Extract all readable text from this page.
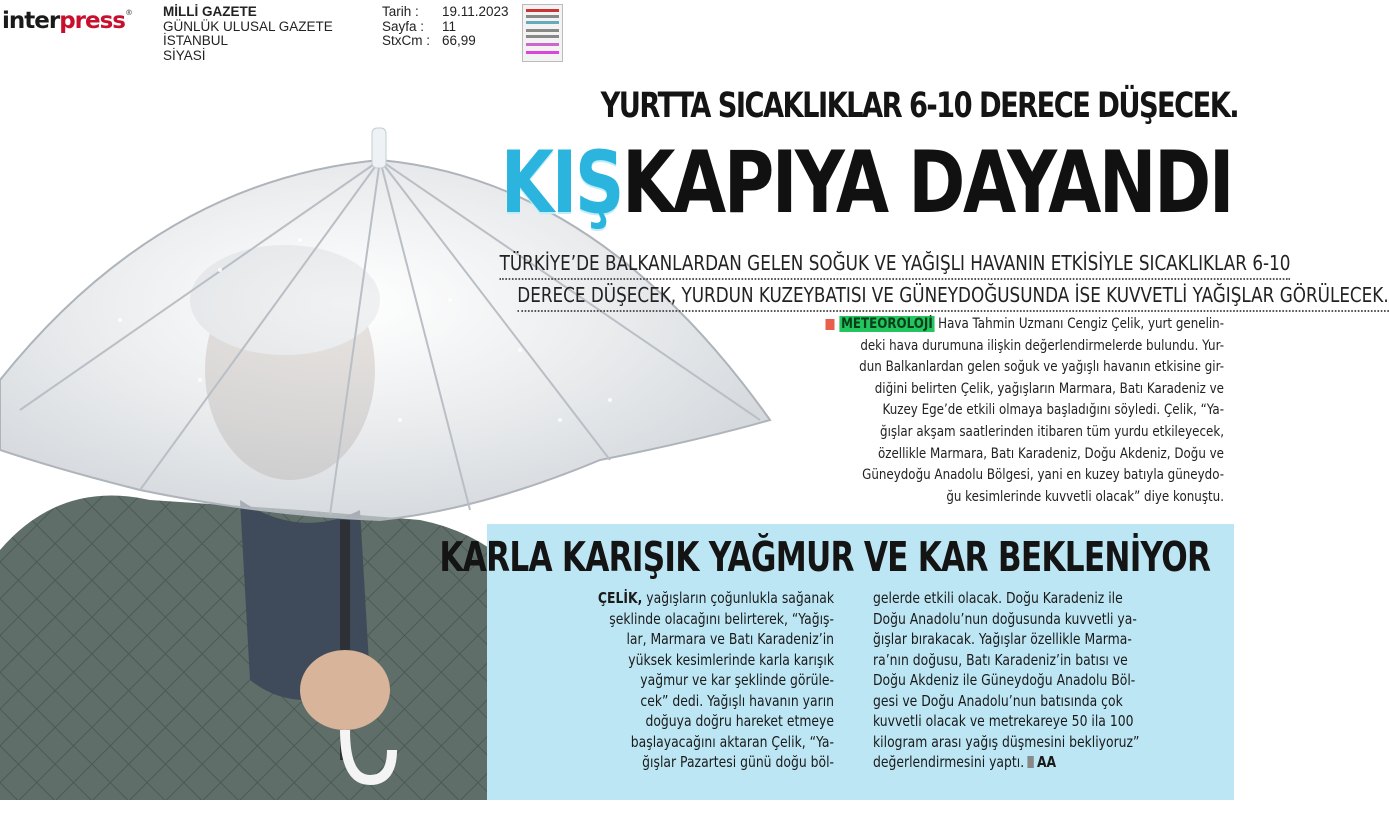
interpress® MİLLİ GAZETE
GÜNLÜK ULUSAL GAZETE
İSTANBUL
SİYASİ
Tarih :	19.11.2023
Sayfa :	11
StxCm : 66,99
YURTTA SICAKLIKLAR 6-10 DERECE DÜŞECEK.
KIŞKAPIYA DAYANDI
TÜRKİYE’DE BALKANLARDAN GELEN SOĞUK VE YAĞIŞLI HAVANIN ETKİSİYLE SICAKLIKLAR 6-10
DERECE DÜŞECEK, YURDUN KUZEYBATISI VE GÜNEYDOĞUSUNDA İSE KUVVETLİ YAĞIŞLAR GÖRÜLECEK.
METEOROLOJİ Hava Tahmin Uzmanı Cengiz Çelik, yurt genelin-
deki hava durumuna ilişkin değerlendirmelerde bulundu. Yur-
dun Balkanlardan gelen soğuk ve yağışlı havanın etkisine gir-
diğini belirten Çelik, yağışların Marmara, Batı Karadeniz ve
Kuzey Ege’de etkili olmaya başladığını söyledi. Çelik, “Ya-
ğışlar akşam saatlerinden itibaren tüm yurdu etkileyecek,
özellikle Marmara, Batı Karadeniz, Doğu Akdeniz, Doğu ve
Güneydoğu Anadolu Bölgesi, yani en kuzey batıyla güneydo-
ğu kesimlerinde kuvvetli olacak” diye konuştu.
KARLA KARIŞIK YAĞMUR VE KAR BEKLENİYOR
ÇELİK, yağışların çoğunlukla sağanak
şeklinde olacağını belirterek, “Yağış-
lar, Marmara ve Batı Karadeniz’in
yüksek kesimlerinde karla karışık
yağmur ve kar şeklinde görüle-
cek” dedi. Yağışlı havanın yarın
doğuya doğru hareket etmeye
başlayacağını aktaran Çelik, “Ya-
ğışlar Pazartesi günü doğu böl-
gelerde etkili olacak. Doğu Karadeniz ile
Doğu Anadolu’nun doğusunda kuvvetli ya-
ğışlar bırakacak. Yağışlar özellikle Marma-
ra’nın doğusu, Batı Karadeniz’in batısı ve
Doğu Akdeniz ile Güneydoğu Anadolu Böl-
gesi ve Doğu Anadolu’nun batısında çok
kuvvetli olacak ve metrekareye 50 ila 100
kilogram arası yağış düşmesini bekliyoruz”
değerlendirmesini yaptı. AA
